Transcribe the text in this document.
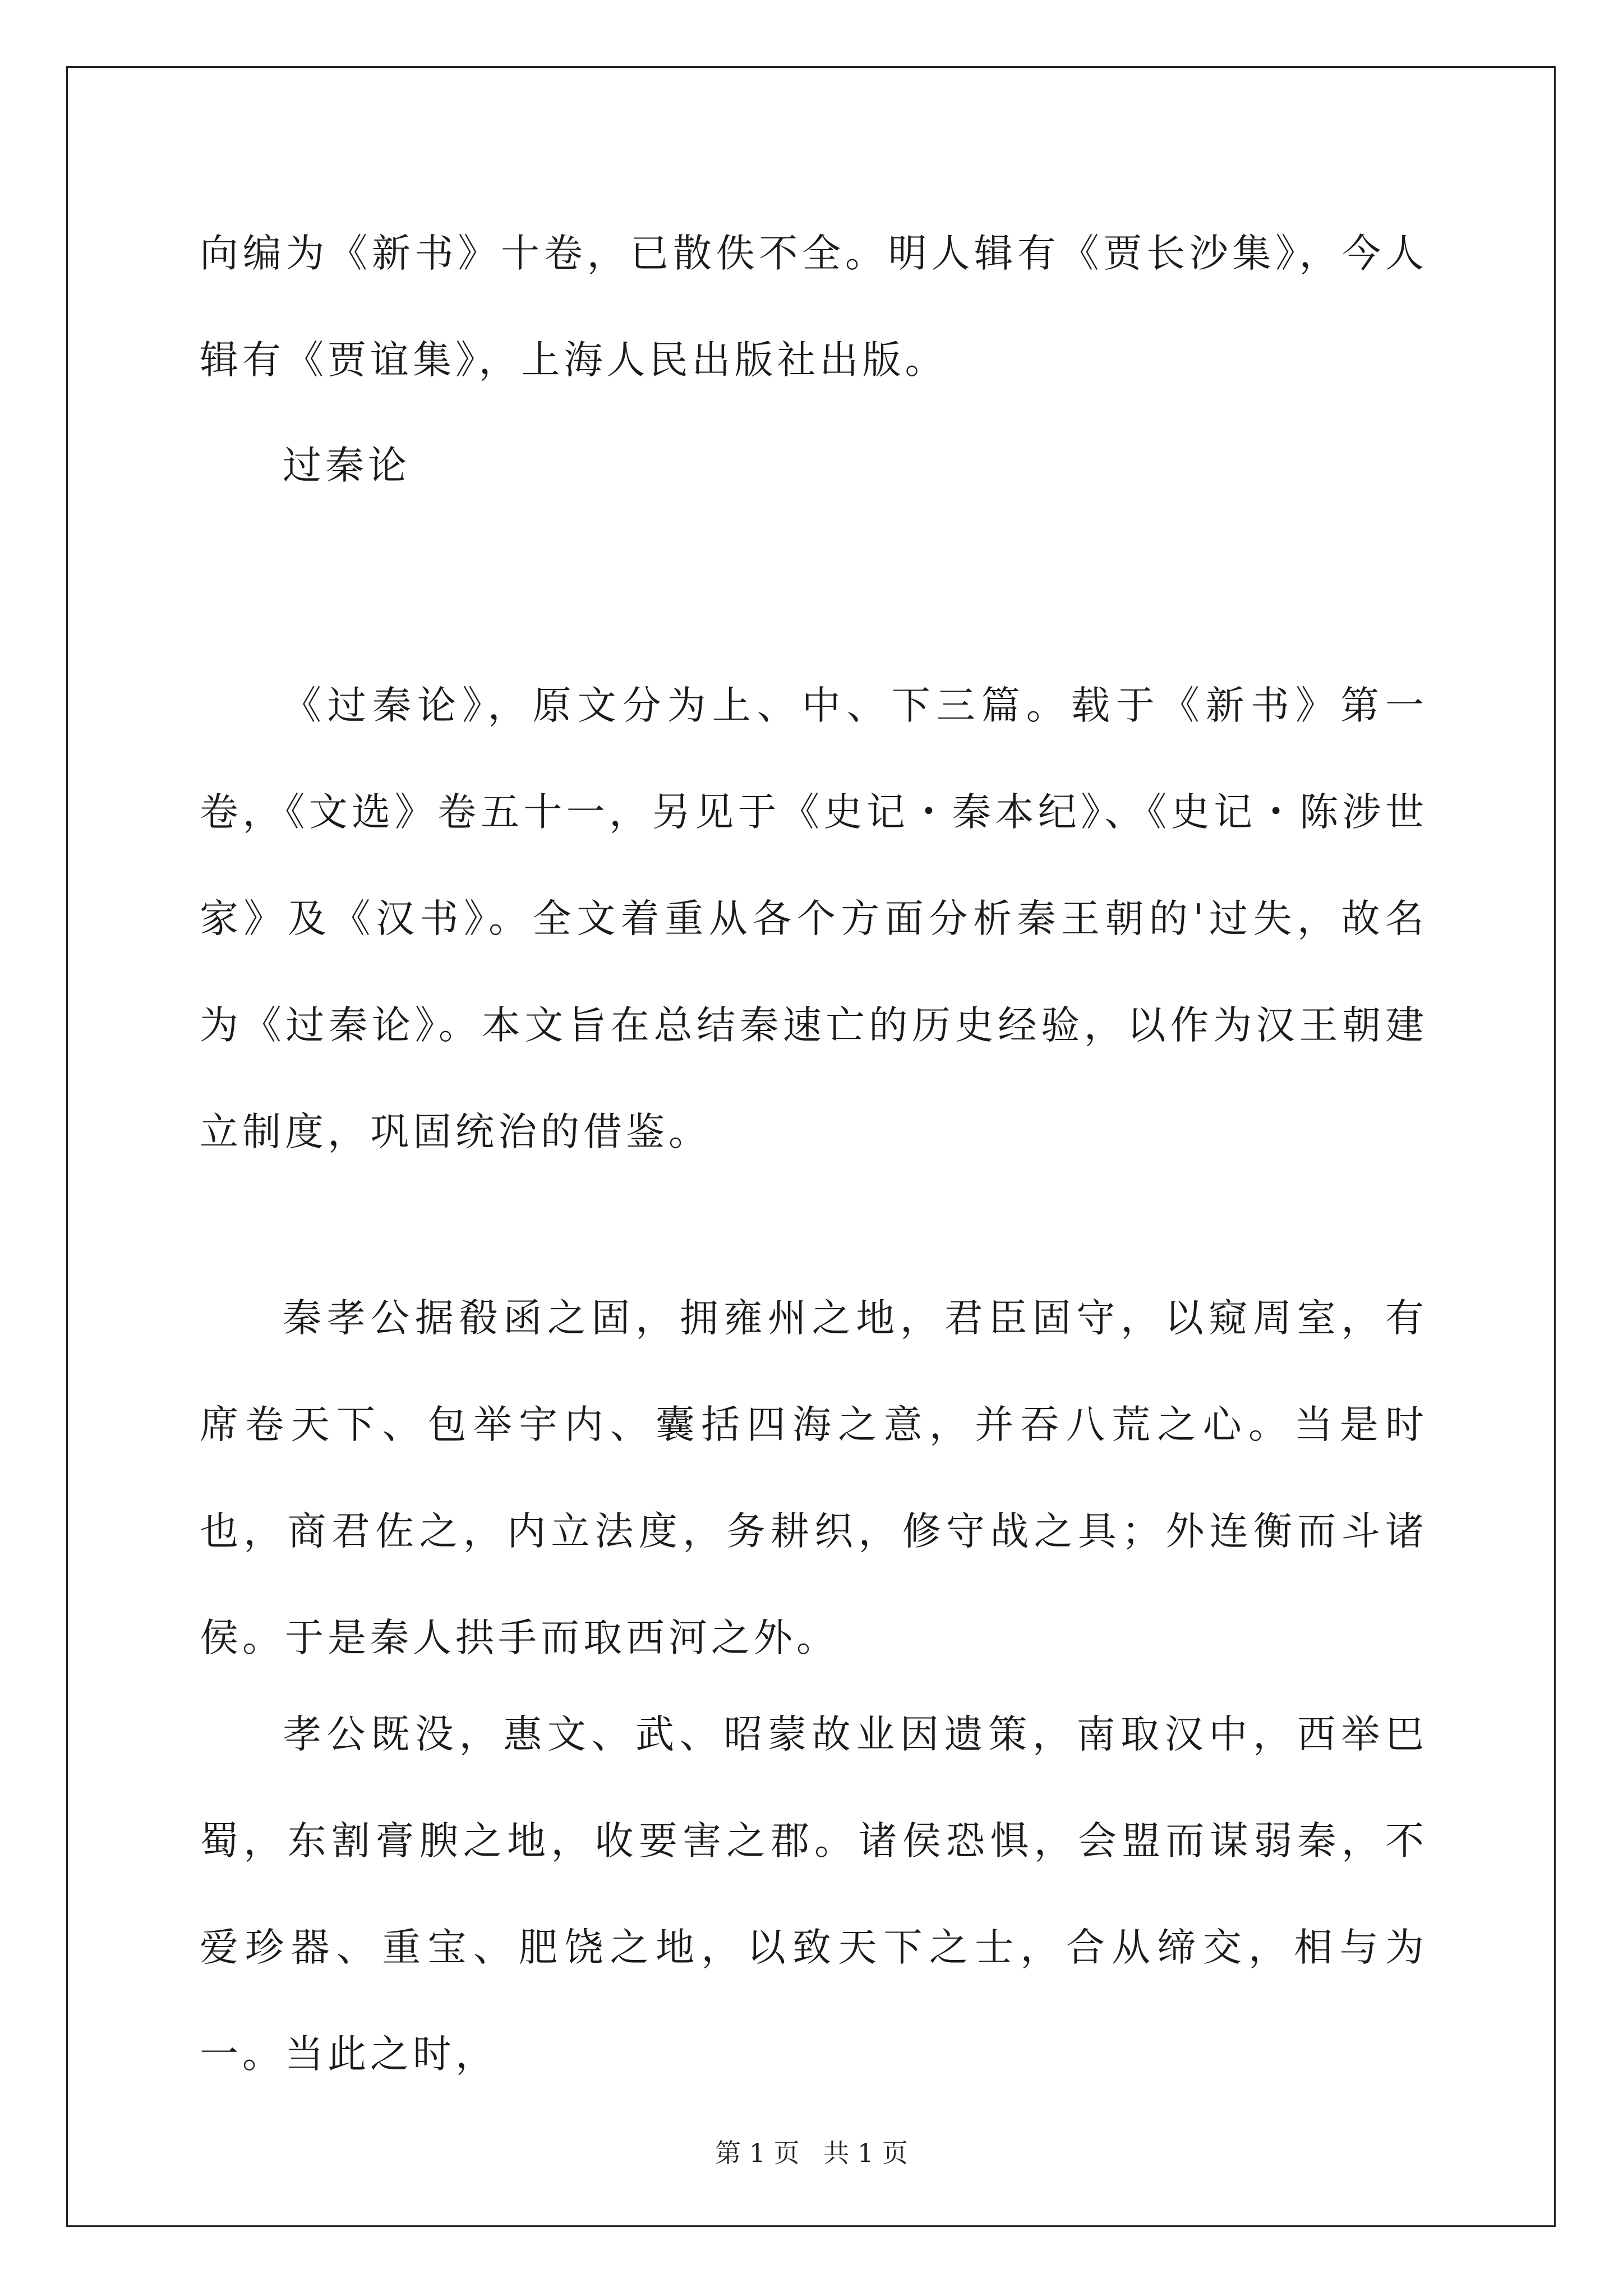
向编为《新书》十卷，已散佚不全。明人辑有《贾长沙集》，今人辑有《贾谊集》，上海人民出版社出版。

过秦论

《过秦论》，原文分为上、中、下三篇。载于《新书》第一卷，《文选》卷五十一，另见于《史记・秦本纪》、《史记・陈涉世家》及《汉书》。全文着重从各个方面分析秦王朝的'过失，故名为《过秦论》。本文旨在总结秦速亡的历史经验，以作为汉王朝建立制度，巩固统治的借鉴。

秦孝公据殽函之固，拥雍州之地，君臣固守，以窥周室，有席卷天下、包举宇内、囊括四海之意，并吞八荒之心。当是时也，商君佐之，内立法度，务耕织，修守战之具；外连衡而斗诸侯。于是秦人拱手而取西河之外。

孝公既没，惠文、武、昭蒙故业因遗策，南取汉中，西举巴蜀，东割膏腴之地，收要害之郡。诸侯恐惧，会盟而谋弱秦，不爱珍器、重宝、肥饶之地，以致天下之士，合从缔交，相与为一。当此之时，

第 1 页 共 1 页
